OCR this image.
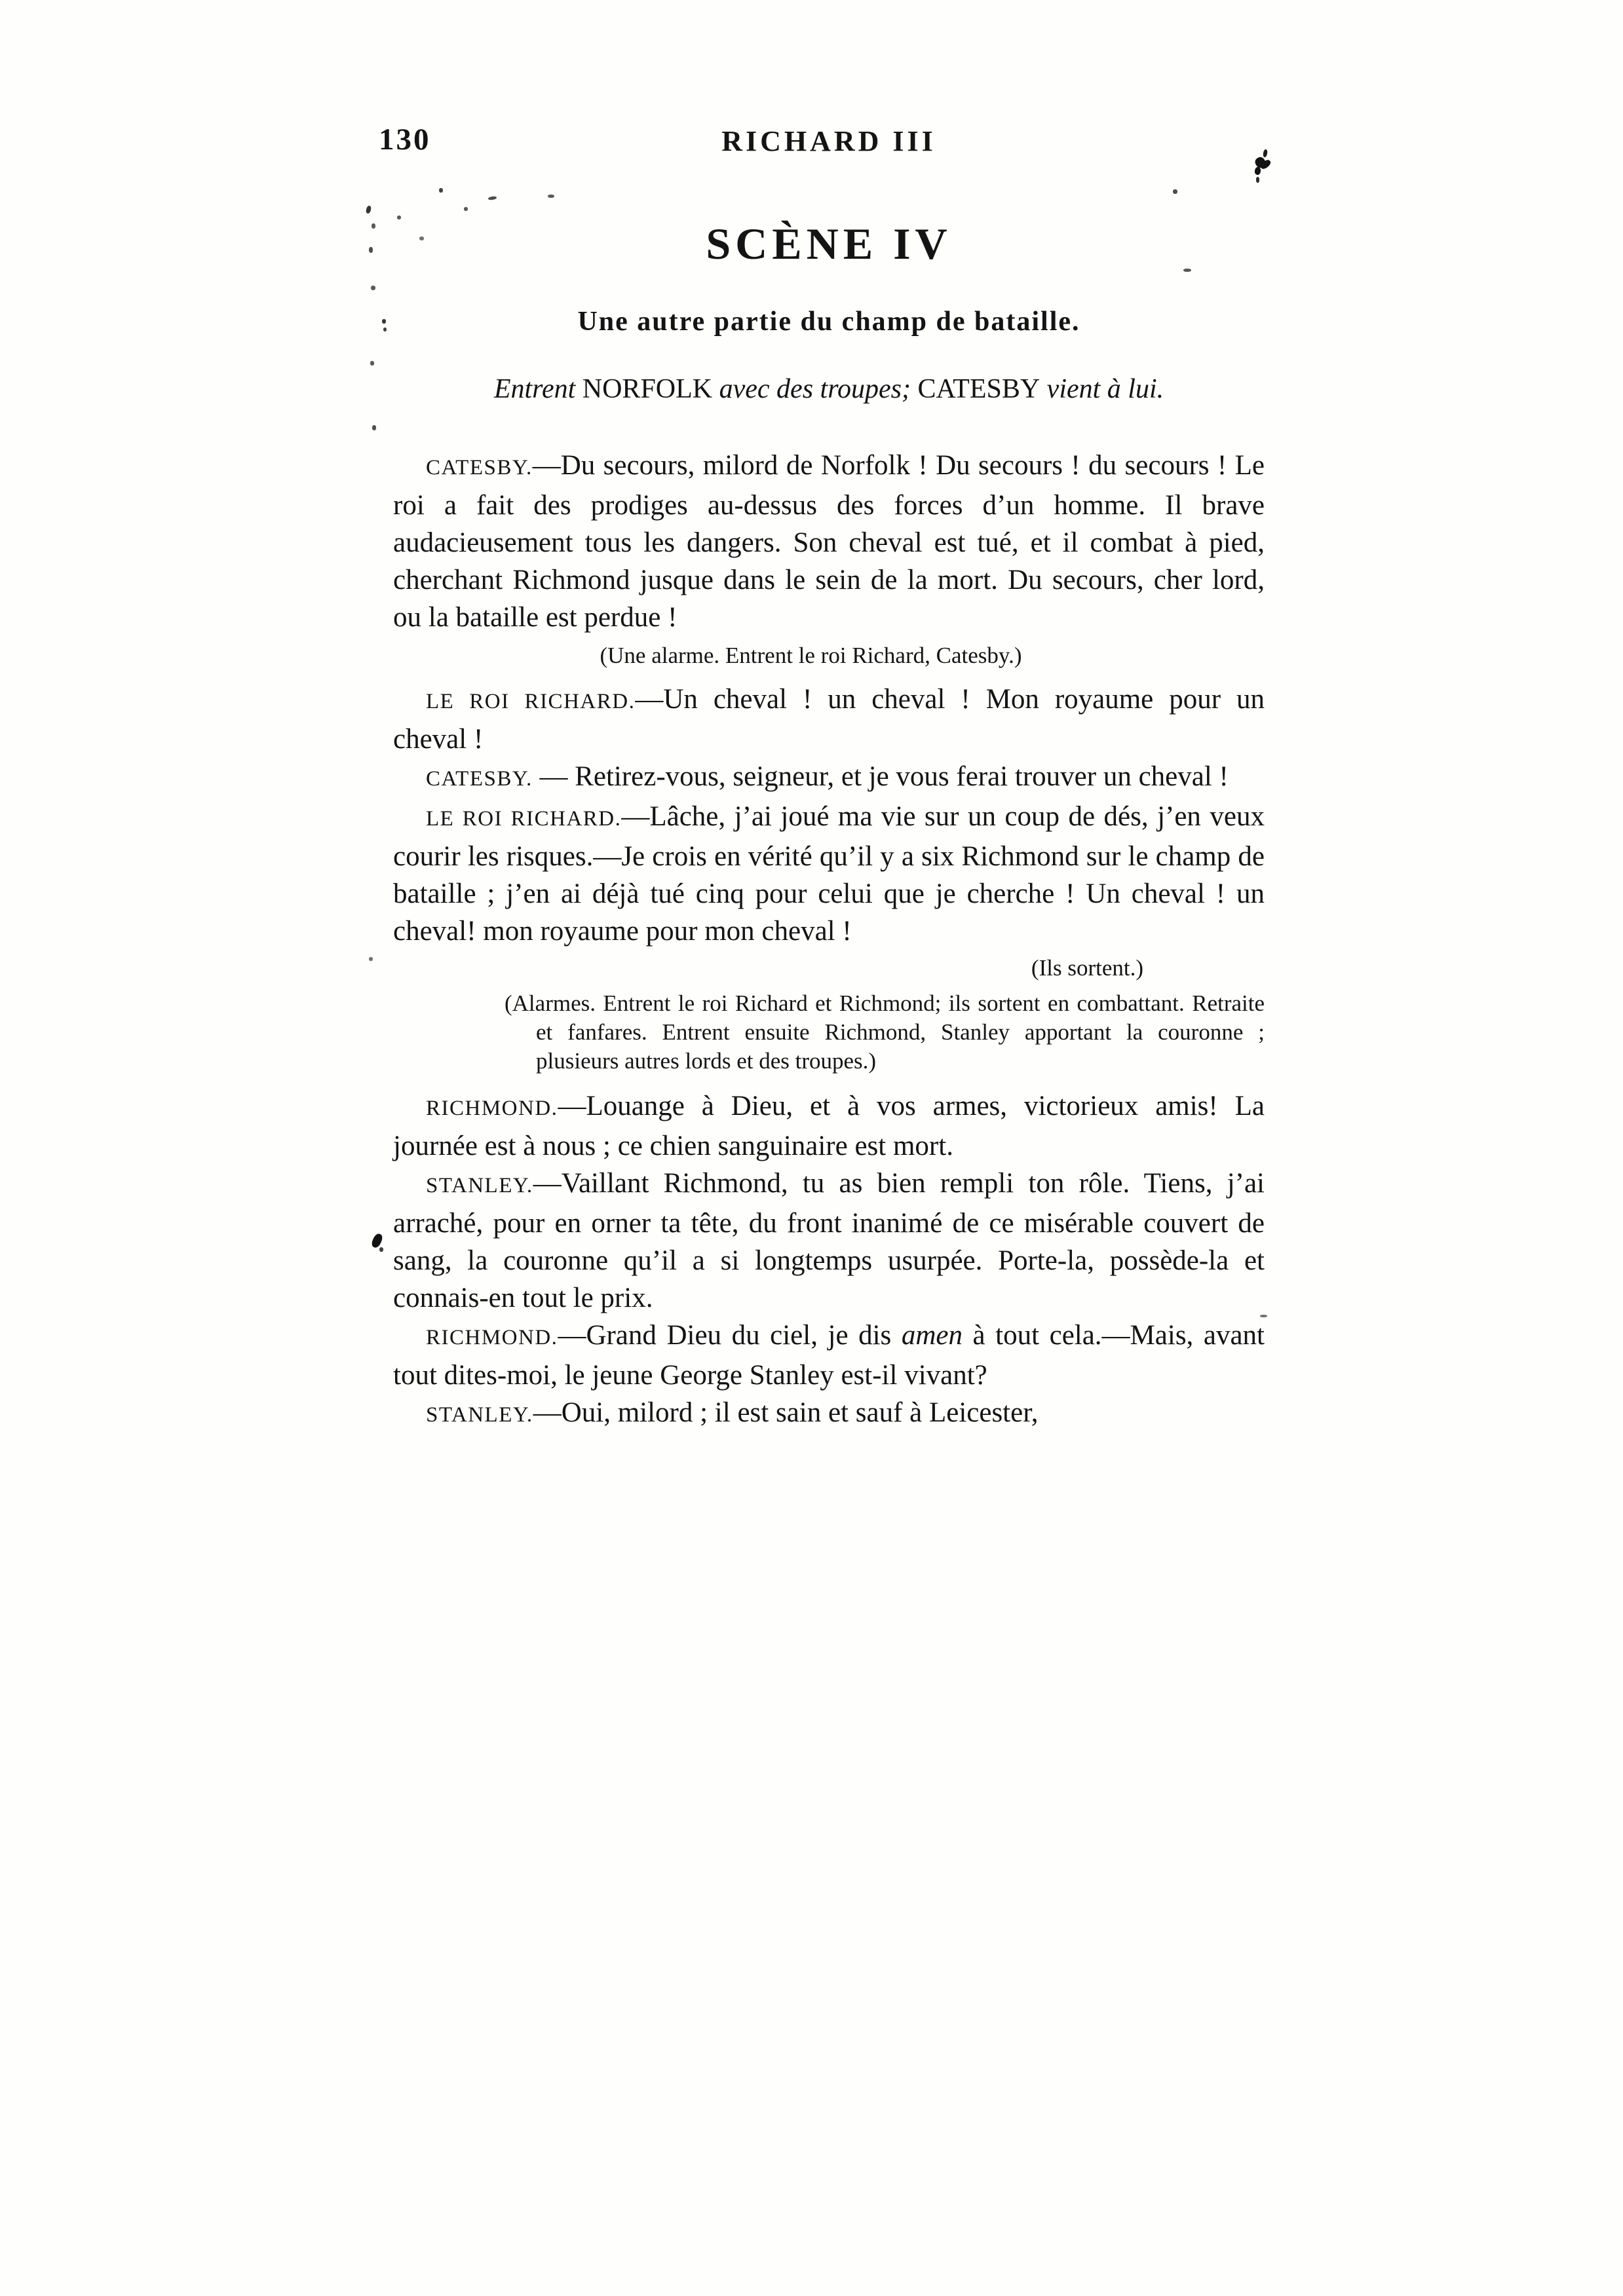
130	RICHARD III
SCÈNE IV
Une autre partie du champ de bataille.

Entrent NORFOLK avec des troupes; CATESBY vient à lui.

CATESBY.—Du secours, milord de Norfolk ! Du secours ! du secours ! Le roi a fait des prodiges au-dessus des forces d’un homme. Il brave audacieusement tous les dangers. Son cheval est tué, et il combat à pied, cherchant Richmond jusque dans le sein de la mort. Du secours, cher lord, ou la bataille est perdue !

(Une alarme. Entrent le roi Richard, Catesby.)

LE ROI RICHARD.—Un cheval ! un cheval ! Mon royaume pour un cheval !

CATESBY. — Retirez-vous, seigneur, et je vous ferai trouver un cheval !

LE ROI RICHARD.—Lâche, j’ai joué ma vie sur un coup de dés, j’en veux courir les risques.—Je crois en vérité qu’il y a six Richmond sur le champ de bataille ; j’en ai déjà tué cinq pour celui que je cherche ! Un cheval ! un cheval! mon royaume pour mon cheval !

(Ils sortent.)

(Alarmes. Entrent le roi Richard et Richmond; ils sortent en combattant. Retraite et fanfares. Entrent ensuite Richmond, Stanley apportant la couronne ; plusieurs autres lords et des troupes.)

RICHMOND.—Louange à Dieu, et à vos armes, victorieux amis! La journée est à nous ; ce chien sanguinaire est mort.

STANLEY.—Vaillant Richmond, tu as bien rempli ton rôle. Tiens, j’ai arraché, pour en orner ta tête, du front inanimé de ce misérable couvert de sang, la couronne qu’il a si longtemps usurpée. Porte-la, possède-la et connais-en tout le prix.

RICHMOND.—Grand Dieu du ciel, je dis amen à tout cela.—Mais, avant tout dites-moi, le jeune George Stanley est-il vivant?

STANLEY.—Oui, milord ; il est sain et sauf à Leicester,
